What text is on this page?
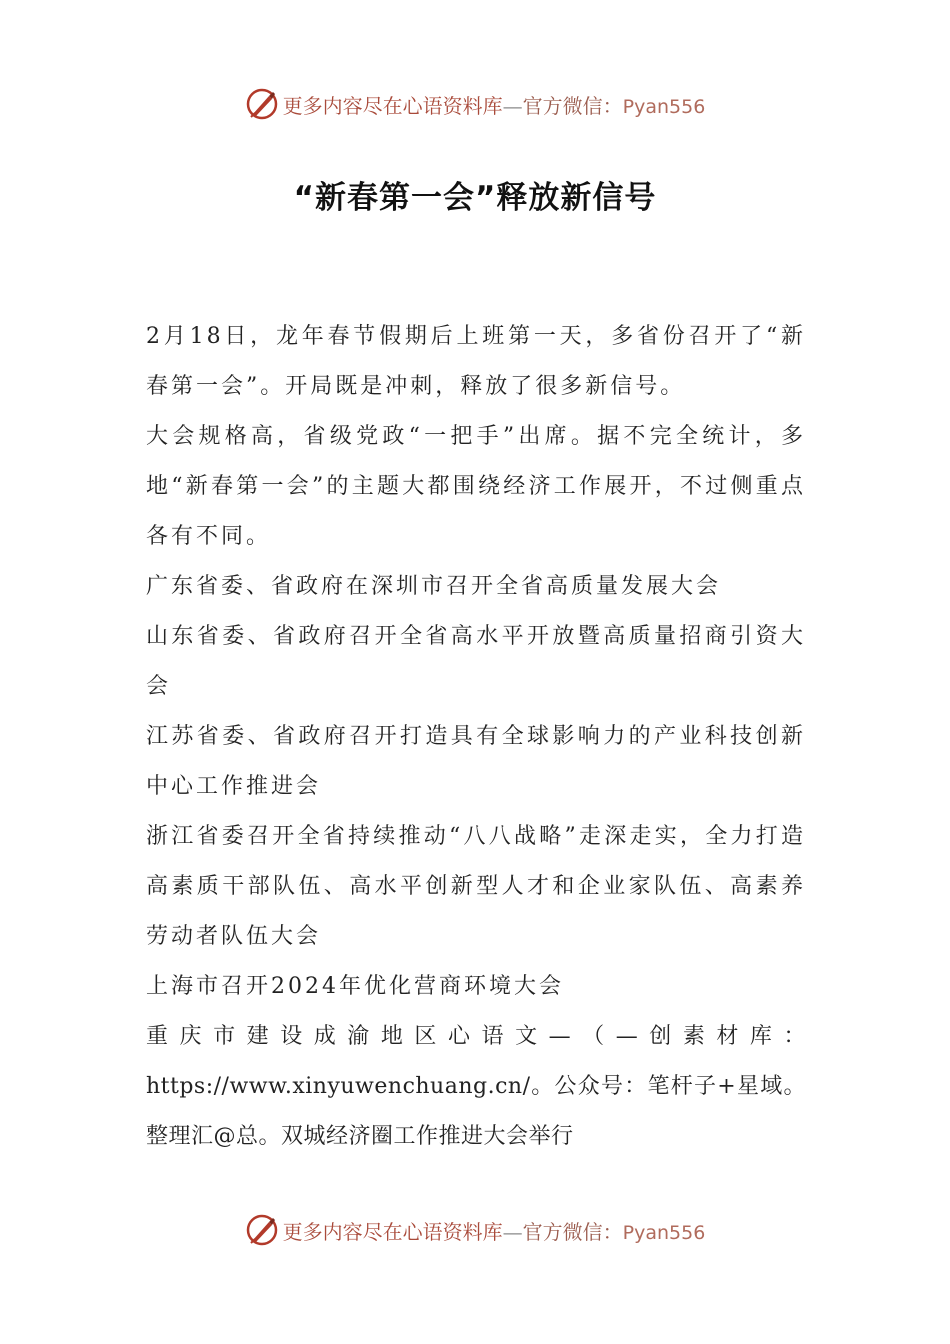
更多内容尽在心语资料库—官方微信：Pyan556
“新春第一会”释放新信号

2月18日，龙年春节假期后上班第一天，多省份召开了“新春第一会”。开局既是冲刺，释放了很多新信号。

大会规格高，省级党政“一把手”出席。据不完全统计，多地“新春第一会”的主题大都围绕经济工作展开，不过侧重点各有不同。

广东省委、省政府在深圳市召开全省高质量发展大会

山东省委、省政府召开全省高水平开放暨高质量招商引资大会

江苏省委、省政府召开打造具有全球影响力的产业科技创新中心工作推进会

浙江省委召开全省持续推动“八八战略”走深走实，全力打造高素质干部队伍、高水平创新型人才和企业家队伍、高素养劳动者队伍大会

上海市召开2024年优化营商环境大会

重庆市建设成渝地区心语文—（—创素材库：https://www.xinyuwenchuang.cn/。公众号：笔杆子+星域。整理汇@总。双城经济圈工作推进大会举行

更多内容尽在心语资料库—官方微信：Pyan556
